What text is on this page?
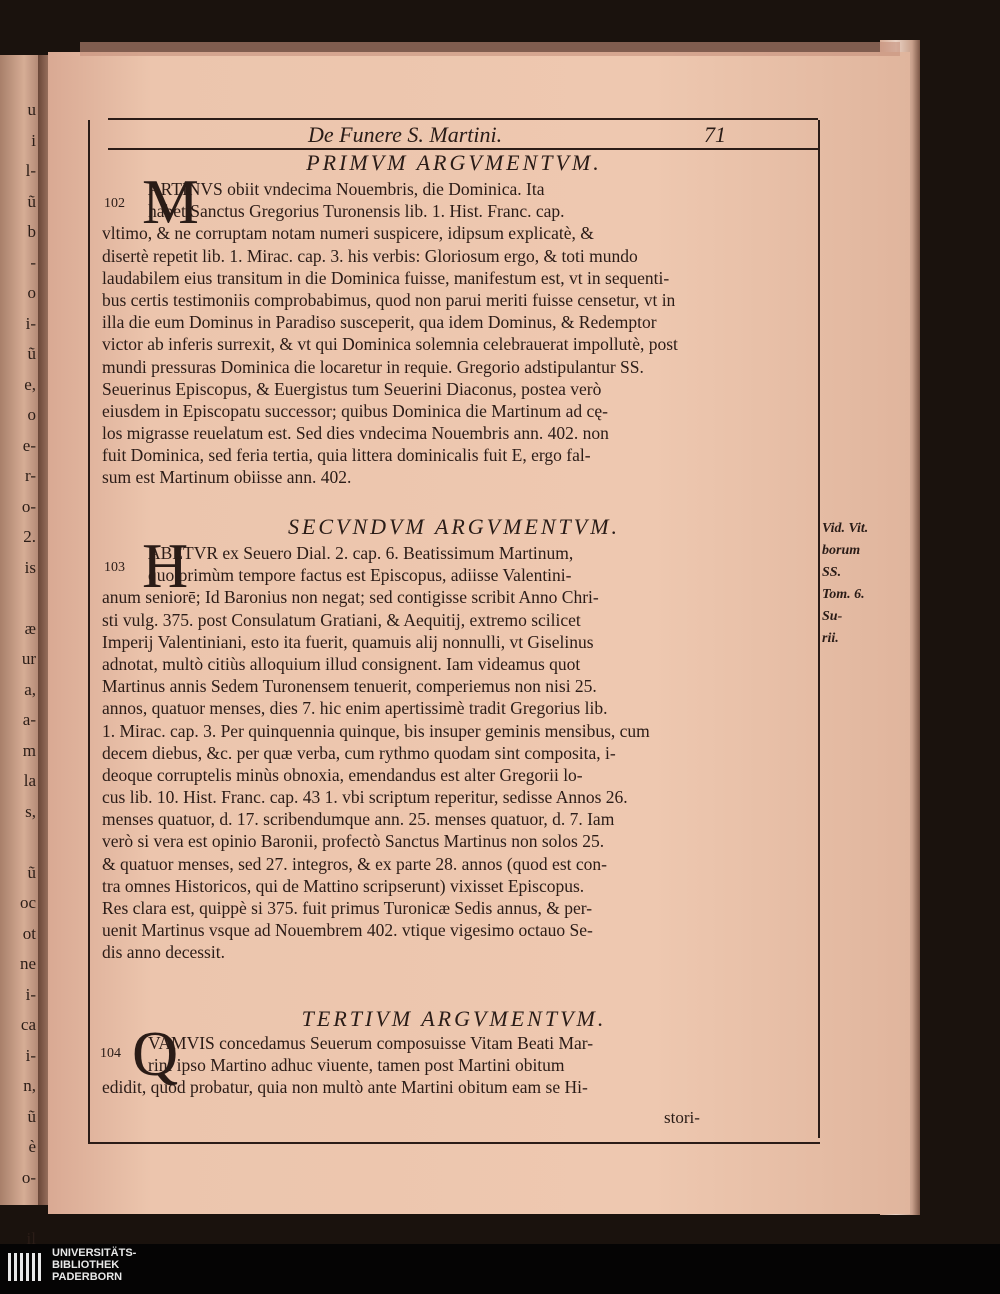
u
i
l-
ũ
b
-
o
i-
ũ
e,
o
e-
r-
o-
2.
is
æ
ur
a,
a-
m
la
s,
ũ
oc
ot
ne
i-
ca
i-
n,
ũ
è
o-
il
De Funere S. Martini.	71
PRIMVM ARGVMENTVM.
102 M
ARTINVS obiit vndecima Nouembris, die Dominica. Ita
habet Sanctus Gregorius Turonensis lib. 1. Hist. Franc. cap.
vltimo, & ne corruptam notam numeri suspicere, idipsum explicatè, &
disertè repetit lib. 1. Mirac. cap. 3. his verbis: Gloriosum ergo, & toti mundo
laudabilem eius transitum in die Dominica fuisse, manifestum est, vt in sequenti-
bus certis testimoniis comprobabimus, quod non parui meriti fuisse censetur, vt in
illa die eum Dominus in Paradiso susceperit, qua idem Dominus, & Redemptor
victor ab inferis surrexit, & vt qui Dominica solemnia celebrauerat impollutè, post
mundi pressuras Dominica die locaretur in requie. Gregorio adstipulantur SS.
Seuerinus Episcopus, & Euergistus tum Seuerini Diaconus, postea verò
eiusdem in Episcopatu successor; quibus Dominica die Martinum ad cę-
los migrasse reuelatum est. Sed dies vndecima Nouembris ann. 402. non
fuit Dominica, sed feria tertia, quia littera dominicalis fuit E, ergo fal-
sum est Martinum obiisse ann. 402.
SECVNDVM ARGVMENTVM.
103 H
ABETVR ex Seuero Dial. 2. cap. 6. Beatissimum Martinum,
quo primùm tempore factus est Episcopus, adiisse Valentini-
anum seniorē; Id Baronius non negat; sed contigisse scribit Anno Chri-
sti vulg. 375. post Consulatum Gratiani, & Aequitij, extremo scilicet
Imperij Valentiniani, esto ita fuerit, quamuis alij nonnulli, vt Giselinus
adnotat, multò citiùs alloquium illud consignent. Iam videamus quot
Martinus annis Sedem Turonensem tenuerit, comperiemus non nisi 25.
annos, quatuor menses, dies 7. hic enim apertissimè tradit Gregorius lib.
1. Mirac. cap. 3. Per quinquennia quinque, bis insuper geminis mensibus, cum
decem diebus, &c. per quæ verba, cum rythmo quodam sint composita, i-
deoque corruptelis minùs obnoxia, emendandus est alter Gregorii lo-
cus lib. 10. Hist. Franc. cap. 43 1. vbi scriptum reperitur, sedisse Annos 26.
menses quatuor, d. 17. scribendumque ann. 25. menses quatuor, d. 7. Iam
verò si vera est opinio Baronii, profectò Sanctus Martinus non solos 25.
& quatuor menses, sed 27. integros, & ex parte 28. annos (quod est con-
tra omnes Historicos, qui de Mattino scripserunt) vixisset Episcopus.
Res clara est, quippè si 375. fuit primus Turonicæ Sedis annus, & per-
uenit Martinus vsque ad Nouembrem 402. vtique vigesimo octauo Se-
dis anno decessit.
TERTIVM ARGVMENTVM.
104 Q
VAMVIS concedamus Seuerum composuisse Vitam Beati Mar-
rini ipso Martino adhuc viuente, tamen post Martini obitum
edidit, quod probatur, quia non multò ante Martini obitum eam se Hi-
Vid. Vit.
borum SS.
Tom. 6. Su-
rii.
stori-
UNIVERSITÄTS-
BIBLIOTHEK
PADERBORN
